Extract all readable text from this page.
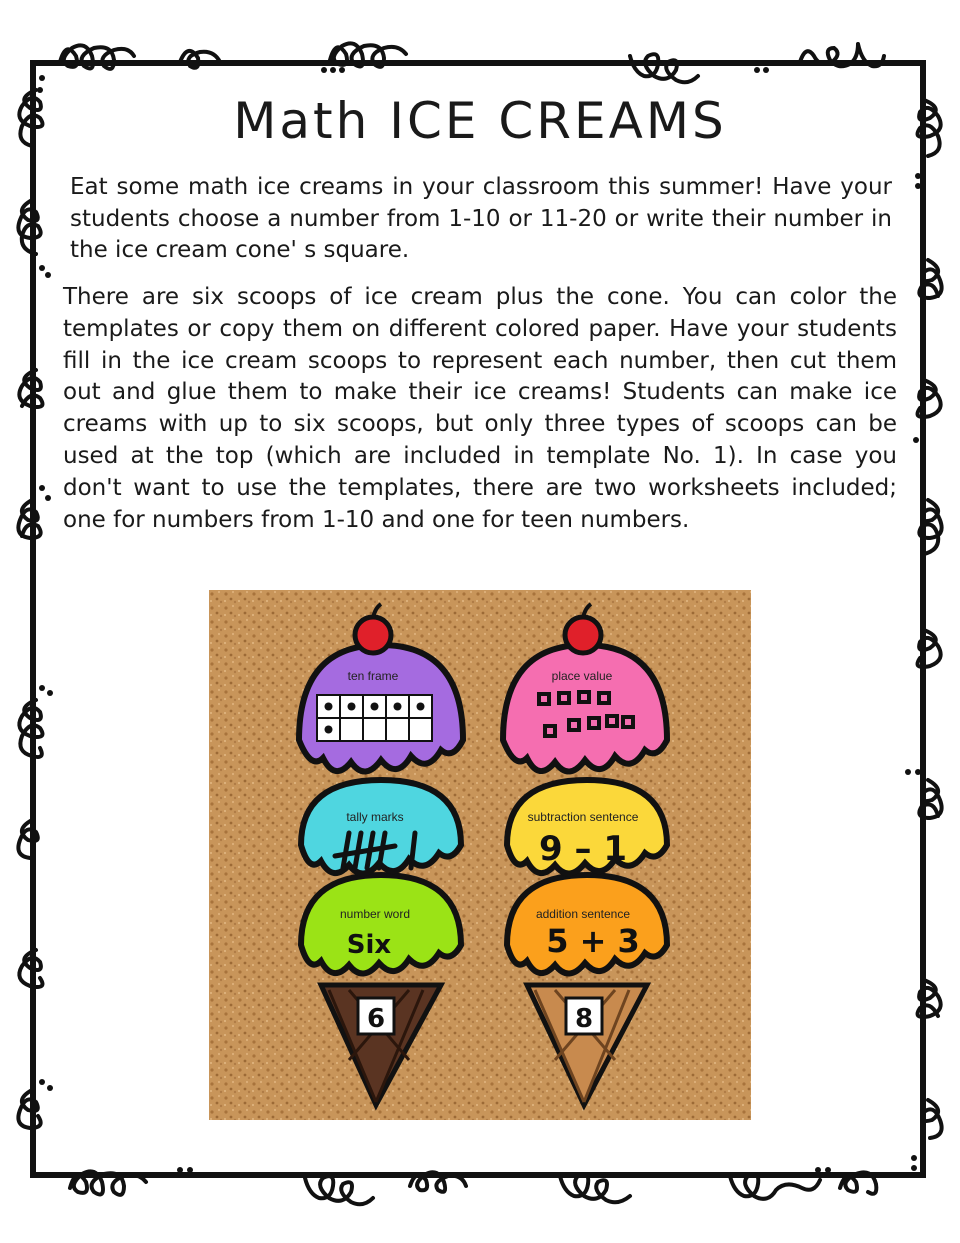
Math ICE CREAMS

Eat some math ice creams in your classroom this summer! Have your students choose a number from 1-10 or 11-20 or write their number in the ice cream cone' s square.

There are six scoops of ice cream plus the cone. You can color the templates or copy them on different colored paper. Have your students fill in the ice cream scoops to represent each number, then cut them out and glue them to make their ice creams! Students can make ice creams with up to six scoops, but only three types of scoops can be used at the top (which are included in template No. 1). In case you don't want to use the templates, there are two worksheets included; one for numbers from 1-10 and one for teen numbers.

ten frame
tally marks
number word
Six
6
place value
subtraction sentence
9 – 1
addition sentence
5 + 3
8
